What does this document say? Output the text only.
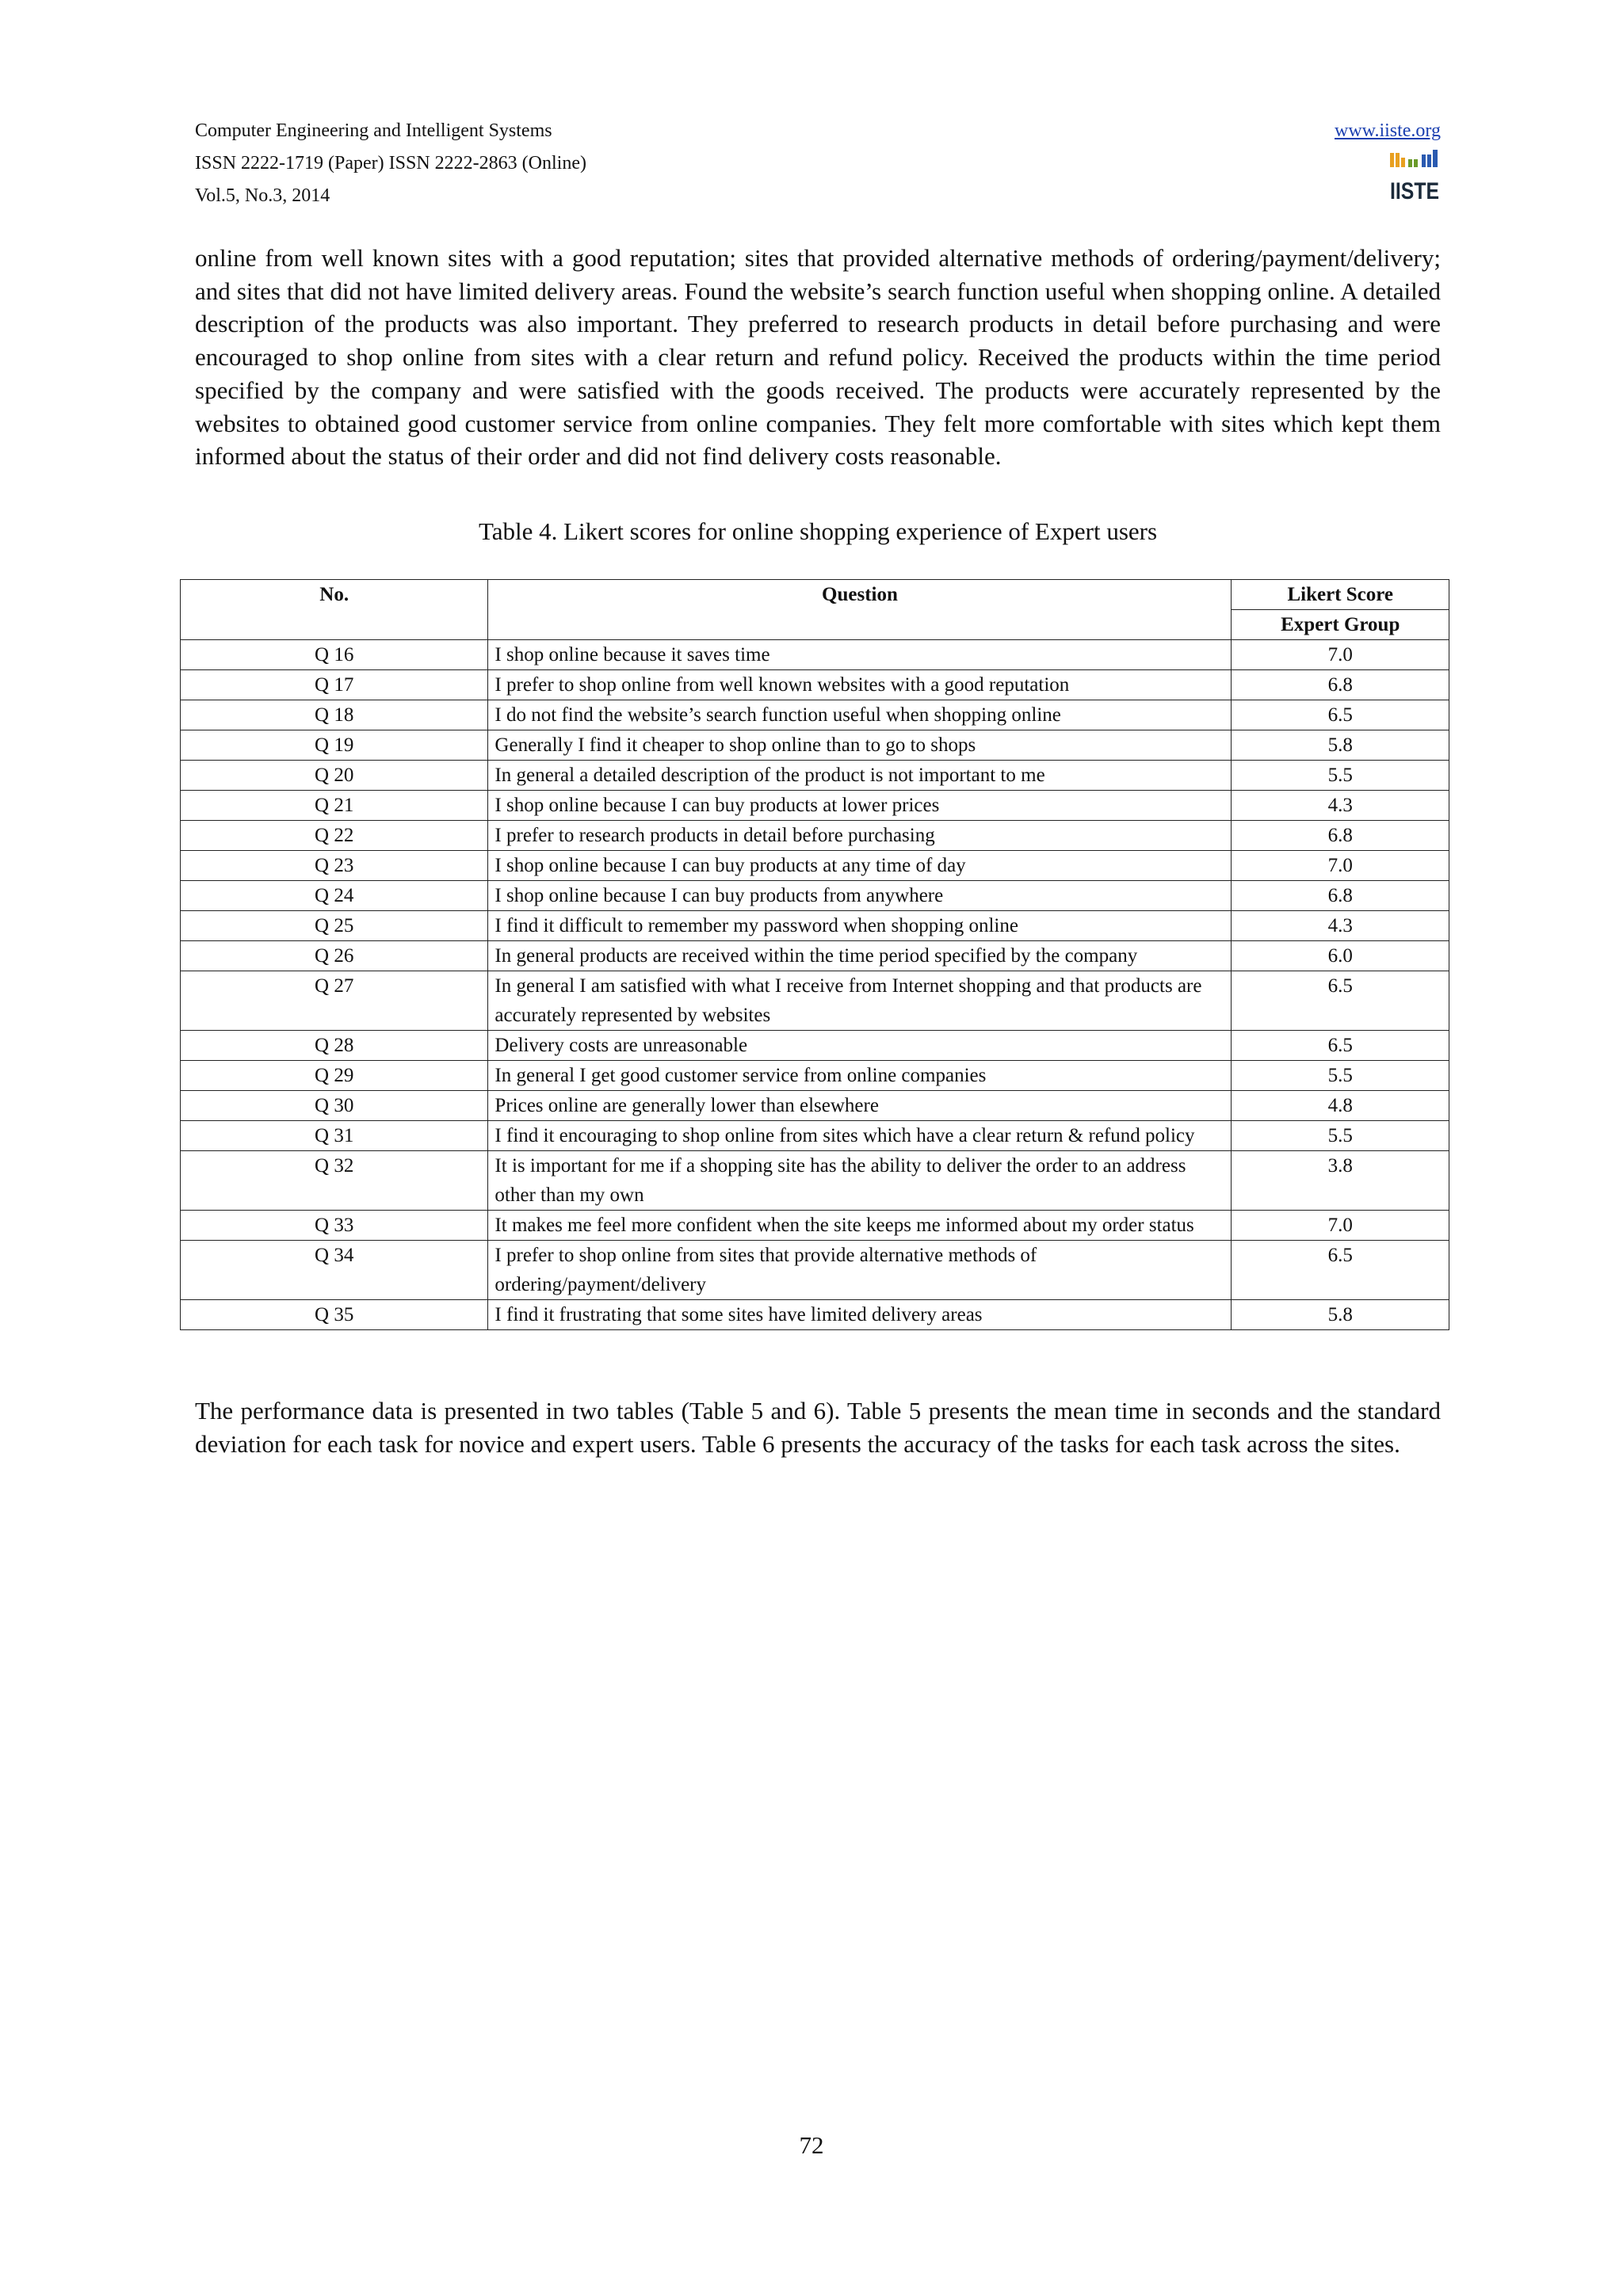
Computer Engineering and Intelligent Systems
ISSN 2222-1719 (Paper) ISSN 2222-2863 (Online)
Vol.5, No.3, 2014
www.iiste.org
IISTE
online from well known sites with a good reputation; sites that provided alternative methods of ordering/payment/delivery; and sites that did not have limited delivery areas. Found the website’s search function useful when shopping online. A detailed description of the products was also important. They preferred to research products in detail before purchasing and were encouraged to shop online from sites with a clear return and refund policy. Received the products within the time period specified by the company and were satisfied with the goods received. The products were accurately represented by the websites to obtained good customer service from online companies. They felt more comfortable with sites which kept them informed about the status of their order and did not find delivery costs reasonable.
Table 4. Likert scores for online shopping experience of Expert users
No.	Question	Likert Score
		Expert Group
Q 16	I shop online because it saves time	7.0
Q 17	I prefer to shop online from well known websites with a good reputation	6.8
Q 18	I do not find the website’s search function useful when shopping online	6.5
Q 19	Generally I find it cheaper to shop online than to go to shops	5.8
Q 20	In general a detailed description of the product is not important to me	5.5
Q 21	I shop online because I can buy products at lower prices	4.3
Q 22	I prefer to research products in detail before purchasing	6.8
Q 23	I shop online because I can buy products at any time of day	7.0
Q 24	I shop online because I can buy products from anywhere	6.8
Q 25	I find it difficult to remember my password when shopping online	4.3
Q 26	In general products are received within the time period specified by the company	6.0
Q 27	In general I am satisfied with what I receive from Internet shopping and that products are accurately represented by websites	6.5
Q 28	Delivery costs are unreasonable	6.5
Q 29	In general I get good customer service from online companies	5.5
Q 30	Prices online are generally lower than elsewhere	4.8
Q 31	I find it encouraging to shop online from sites which have a clear return & refund policy	5.5
Q 32	It is important for me if a shopping site has the ability to deliver the order to an address other than my own	3.8
Q 33	It makes me feel more confident when the site keeps me informed about my order status	7.0
Q 34	I prefer to shop online from sites that provide alternative methods of ordering/payment/delivery	6.5
Q 35	I find it frustrating that some sites have limited delivery areas	5.8
The performance data is presented in two tables (Table 5 and 6). Table 5 presents the mean time in seconds and the standard deviation for each task for novice and expert users. Table 6 presents the accuracy of the tasks for each task across the sites.
72
